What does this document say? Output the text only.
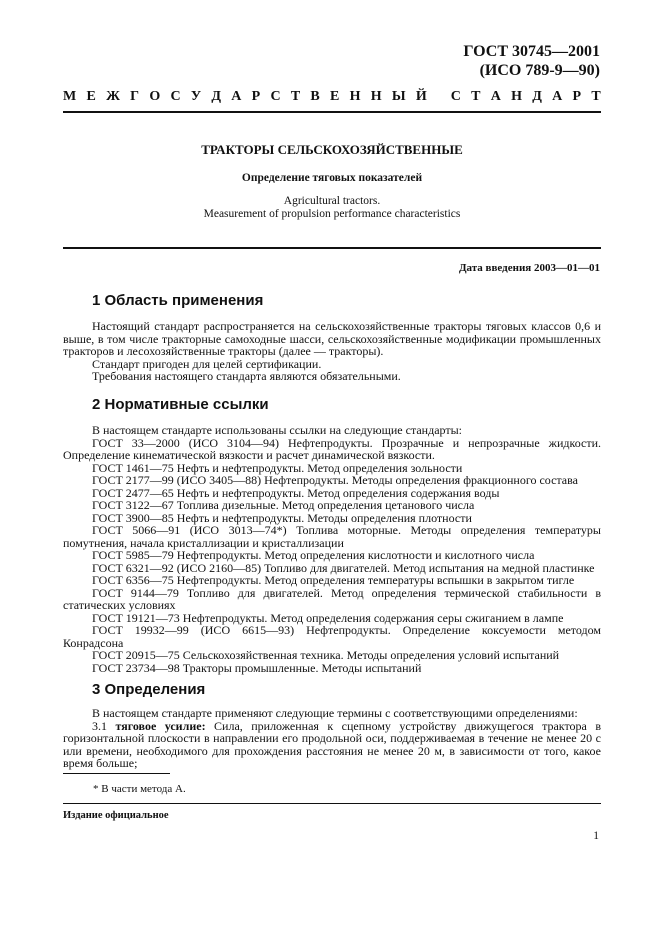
ГОСТ 30745—2001
(ИСО 789-9—90)
М Е Ж Г О С У Д А Р С Т В Е Н Н Ы Й
С Т А Н Д А Р Т
ТРАКТОРЫ СЕЛЬСКОХОЗЯЙСТВЕННЫЕ
Определение тяговых показателей
Agricultural tractors.
Measurement of propulsion performance characteristics
Дата введения 2003—01—01
1 Область применения

Настоящий стандарт распространяется на сельскохозяйственные тракторы тяговых классов 0,6 и выше, в том числе тракторные самоходные шасси, сельскохозяйственные модификации промышленных тракторов и лесохозяйственные тракторы (далее — тракторы).

Стандарт пригоден для целей сертификации.

Требования настоящего стандарта являются обязательными.

2 Нормативные ссылки

В настоящем стандарте использованы ссылки на следующие стандарты:

ГОСТ 33—2000 (ИСО 3104—94) Нефтепродукты. Прозрачные и непрозрачные жидкости. Определение кинематической вязкости и расчет динамической вязкости.

ГОСТ 1461—75 Нефть и нефтепродукты. Метод определения зольности

ГОСТ 2177—99 (ИСО 3405—88) Нефтепродукты. Методы определения фракционного состава

ГОСТ 2477—65 Нефть и нефтепродукты. Метод определения содержания воды

ГОСТ 3122—67 Топлива дизельные. Метод определения цетанового числа

ГОСТ 3900—85 Нефть и нефтепродукты. Методы определения плотности

ГОСТ 5066—91 (ИСО 3013—74*) Топлива моторные. Методы определения температуры помутнения, начала кристаллизации и кристаллизации

ГОСТ 5985—79 Нефтепродукты. Метод определения кислотности и кислотного числа

ГОСТ 6321—92 (ИСО 2160—85) Топливо для двигателей. Метод испытания на медной пластинке

ГОСТ 6356—75 Нефтепродукты. Метод определения температуры вспышки в закрытом тигле

ГОСТ 9144—79 Топливо для двигателей. Метод определения термической стабильности в статических условиях

ГОСТ 19121—73 Нефтепродукты. Метод определения содержания серы сжиганием в лампе

ГОСТ 19932—99 (ИСО 6615—93) Нефтепродукты. Определение коксуемости методом Конрадсона

ГОСТ 20915—75 Сельскохозяйственная техника. Методы определения условий испытаний

ГОСТ 23734—98 Тракторы промышленные. Методы испытаний

3 Определения

В настоящем стандарте применяют следующие термины с соответствующими определениями:

3.1 тяговое усилие: Сила, приложенная к сцепному устройству движущегося трактора в горизонтальной плоскости в направлении его продольной оси, поддерживаемая в течение не менее 20 с или времени, необходимого для прохождения расстояния не менее 20 м, в зависимости от того, какое время больше;

* В части метода А.
Издание официальное
1
